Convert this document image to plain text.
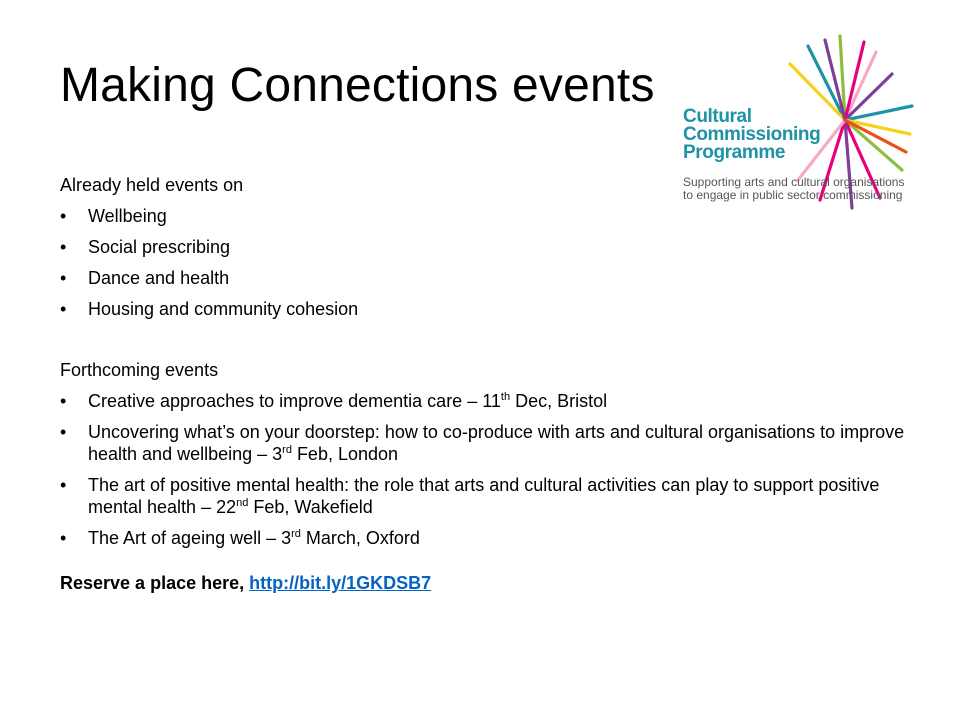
Making Connections events
Cultural
Commissioning
Programme
Supporting arts and cultural organisations
to engage in public sector commissioning
Already held events on
• Wellbeing
• Social prescribing
• Dance and health
• Housing and community cohesion
Forthcoming events
• Creative approaches to improve dementia care – 11th Dec, Bristol
• Uncovering what’s on your doorstep: how to co-produce with arts and cultural organisations to improve health and wellbeing – 3rd Feb, London
• The art of positive mental health: the role that arts and cultural activities can play to support positive mental health – 22nd Feb, Wakefield
• The Art of ageing well – 3rd March, Oxford
Reserve a place here, http://bit.ly/1GKDSB7
